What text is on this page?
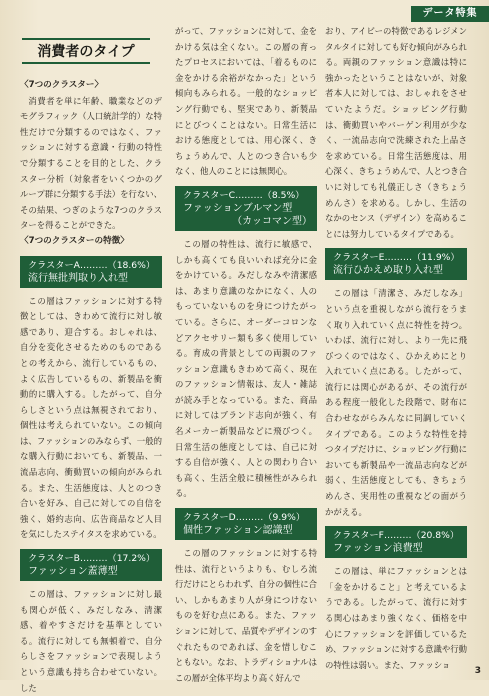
データ特集
消費者のタイプ

〈7つのクラスター〉

消費者を単に年齢、職業などのデモグラフィック（人口統計学的）な特性だけで分類するのではなく、ファッションに対する意識・行動の特性で分類することを目的とした、クラスター分析（対象者をいくつかのグループ群に分類する手法）を行ない、その結果、つぎのような7つのクラスターを得ることができた。

〈7つのクラスターの特徴〉

クラスターA………（18.6%）
流行無批判取り入れ型

この層はファッションに対する特徴としては、きわめて流行に対し敏感であり、迎合する。おしゃれは、自分を変化させるためのものであるとの考えから、流行しているもの、よく広告しているもの、新製品を衝動的に購入する。したがって、自分らしさという点は無視されており、個性は考えられていない。この傾向は、ファッションのみならず、一般的な購入行動においても、新製品、一流品志向、衝動買いの傾向がみられる。また、生活態度は、人とのつき合いを好み、自己に対しての自信を強く、婚約志向、広告商品など人目を気にしたステイタスを求めている。

クラスターB………（17.2%）
ファッション蓋薄型

この層は、ファッションに対し最も関心が低く、みだしなみ、清潔感、着やすさだけを基準としている。流行に対しても無頓着で、自分らしさをファッションで表現しようという意識も持ち合わせていない。した

がって、ファッションに対して、金をかける気は全くない。この層の育ったプロセスにおいては、「着るものに金をかける余裕がなかった」という傾向もみられる。一般的なショッピング行動でも、堅実であり、新製品にとびつくことはない。日常生活における態度としては、用心深く、きちょうめんで、人とのつき合いも少なく、他人のことには無関心。

クラスターC………（8.5%）
ファッションブルマン型
（カッコマン型）

この層の特性は、流行に敏感で、しかも高くても良いいれば充分に金をかけている。みだしなみや清潔感は、あまり意識のなかになく、人のもっていないものを身につけたがっている。さらに、オーダーコロンなどアクセサリー類も多く使用している。育成の背景としての両親のファッション意識もきわめて高く、現在のファッション情報は、友人・雑誌が読み手となっている。また、商品に対してはブランド志向が強く、有名メーカー新製品などに飛びつく。日常生活の態度としては、自己に対する自信が強く、人との関わり合いも高く、生活全般に積極性がみられる。

クラスターD………（9.9%）
個性ファッション認識型

この層のファッションに対する特性は、流行というよりも、むしろ流行だけにとらわれず、自分の個性に合い、しかもあまり人が身につけないものを好む点にある。また、ファッションに対して、品質やデザインのすぐれたものであれば、金を惜しむこともない。なお、トラディショナルはこの層が全体平均より高く好んで

おり、アイビーの特徴であるレジメンタルタイに対しても好む傾向がみられる。両親のファッション意識は特に強かったということはないが、対象者本人に対しては、おしゃれをさせていたようだ。ショッピング行動は、衝動買いやバーゲン利用が少なく、一流品志向で洗練された上品さを求めている。日常生活態度は、用心深く、きちょうめんで、人とつき合いに対しても礼儀正しさ（きちょうめんさ）を求める。しかし、生活のなかのセンス（デザイン）を高めることには努力しているタイプである。

クラスターE………（11.9%）
流行ひかえめ取り入れ型

この層は「清潔さ、みだしなみ」という点を重視しながら流行をうまく取り入れていく点に特性を持つ。いわば、流行に対し、より一先に飛びつくのではなく、ひかえめにとり入れていく点にある。したがって、流行には関心があるが、その流行がある程度一般化した段階で、財布に合わせながらみんなに同調していくタイプである。このような特性を持つタイプだけに、ショッピング行動においても新製品や一流品志向などが弱く、生活態度としても、きちょうめんさ、実用性の重視などの面がうかがえる。

クラスターF………（20.8%）
ファッション浪費型

この層は、単にファッションとは「金をかけること」と考えているようである。したがって、流行に対する関心はあまり強くなく、価格を中心にファッションを評価しているため、ファッションに対する意識や行動の特性は弱い。また、ファッショ

3
